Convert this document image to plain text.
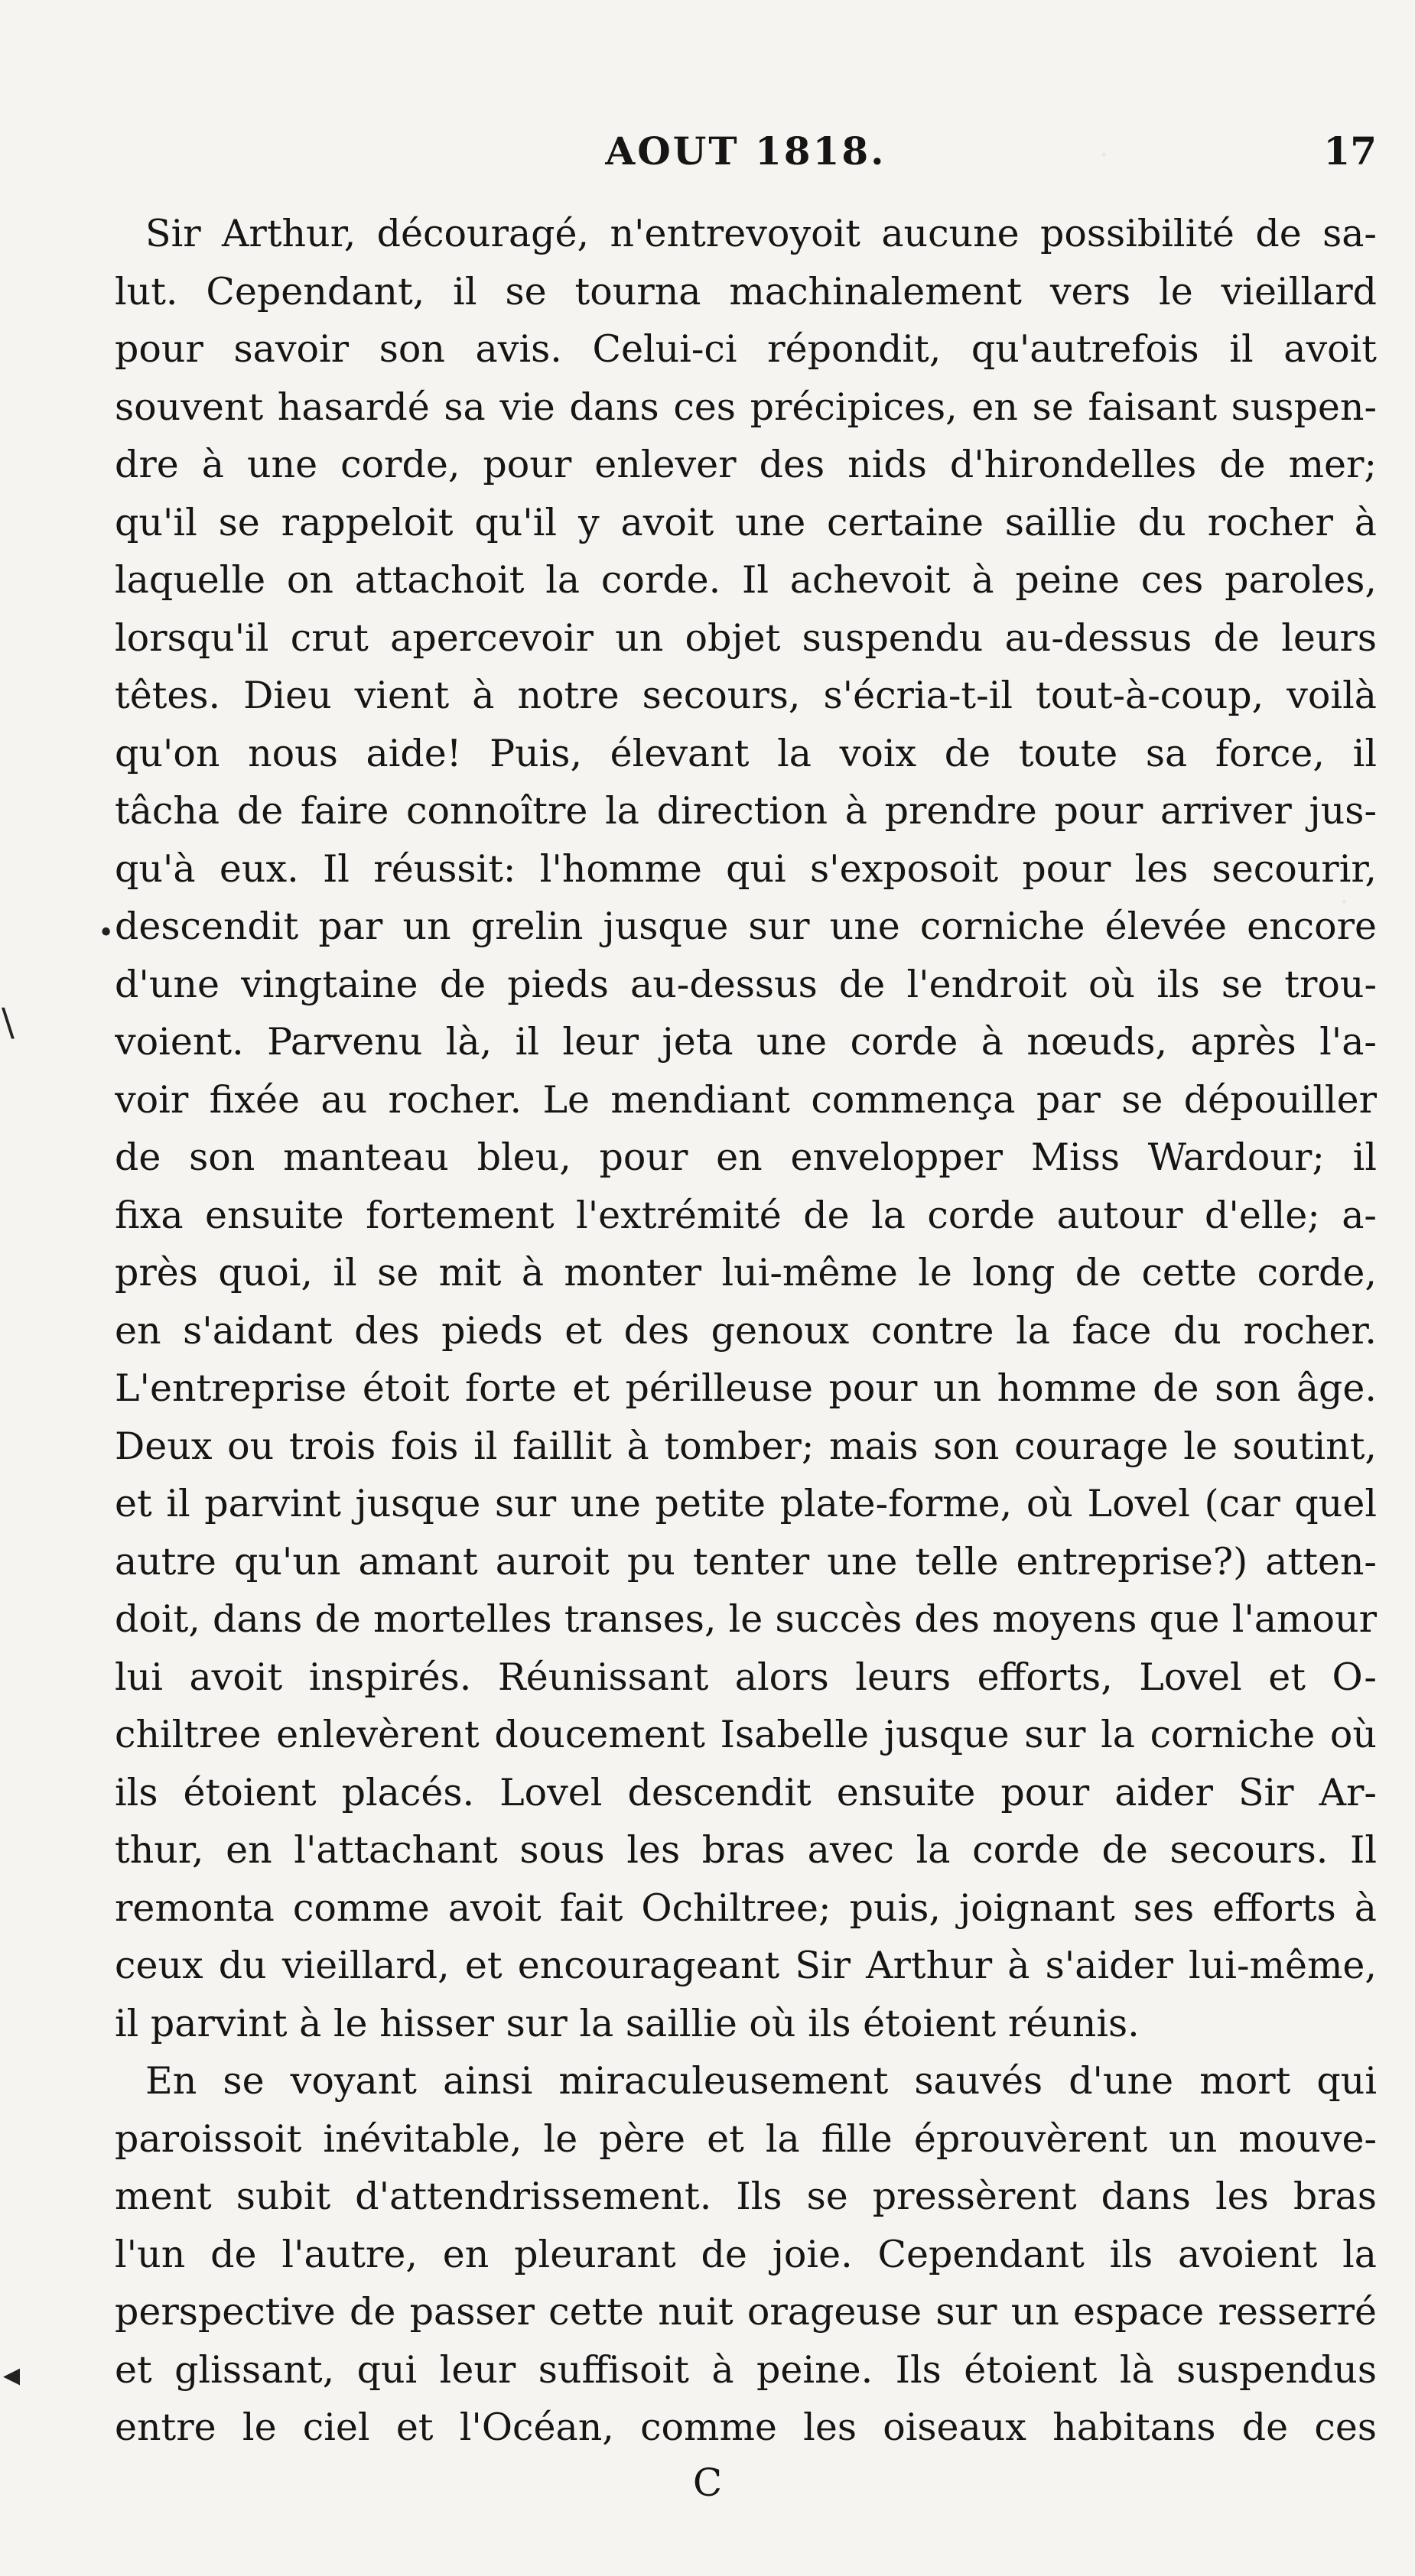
AOUT 1818.	17
\
•
◂
Sir Arthur, découragé, n'entrevoyoit aucune possibilité de sa-
lut. Cependant, il se tourna machinalement vers le vieillard
pour savoir son avis. Celui-ci répondit, qu'autrefois il avoit
souvent hasardé sa vie dans ces précipices, en se faisant suspen-
dre à une corde, pour enlever des nids d'hirondelles de mer;
qu'il se rappeloit qu'il y avoit une certaine saillie du rocher à
laquelle on attachoit la corde. Il achevoit à peine ces paroles,
lorsqu'il crut apercevoir un objet suspendu au-dessus de leurs
têtes. Dieu vient à notre secours, s'écria-t-il tout-à-coup, voilà
qu'on nous aide! Puis, élevant la voix de toute sa force, il
tâcha de faire connoître la direction à prendre pour arriver jus-
qu'à eux. Il réussit: l'homme qui s'exposoit pour les secourir,
descendit par un grelin jusque sur une corniche élevée encore
d'une vingtaine de pieds au-dessus de l'endroit où ils se trou-
voient. Parvenu là, il leur jeta une corde à nœuds, après l'a-
voir fixée au rocher. Le mendiant commença par se dépouiller
de son manteau bleu, pour en envelopper Miss Wardour; il
fixa ensuite fortement l'extrémité de la corde autour d'elle; a-
près quoi, il se mit à monter lui-même le long de cette corde,
en s'aidant des pieds et des genoux contre la face du rocher.
L'entreprise étoit forte et périlleuse pour un homme de son âge.
Deux ou trois fois il faillit à tomber; mais son courage le soutint,
et il parvint jusque sur une petite plate-forme, où Lovel (car quel
autre qu'un amant auroit pu tenter une telle entreprise?) atten-
doit, dans de mortelles transes, le succès des moyens que l'amour
lui avoit inspirés. Réunissant alors leurs efforts, Lovel et O-
chiltree enlevèrent doucement Isabelle jusque sur la corniche où
ils étoient placés. Lovel descendit ensuite pour aider Sir Ar-
thur, en l'attachant sous les bras avec la corde de secours. Il
remonta comme avoit fait Ochiltree; puis, joignant ses efforts à
ceux du vieillard, et encourageant Sir Arthur à s'aider lui-même,
il parvint à le hisser sur la saillie où ils étoient réunis.
En se voyant ainsi miraculeusement sauvés d'une mort qui
paroissoit inévitable, le père et la fille éprouvèrent un mouve-
ment subit d'attendrissement. Ils se pressèrent dans les bras
l'un de l'autre, en pleurant de joie. Cependant ils avoient la
perspective de passer cette nuit orageuse sur un espace resserré
et glissant, qui leur suffisoit à peine. Ils étoient là suspendus
entre le ciel et l'Océan, comme les oiseaux habitans de ces
C
